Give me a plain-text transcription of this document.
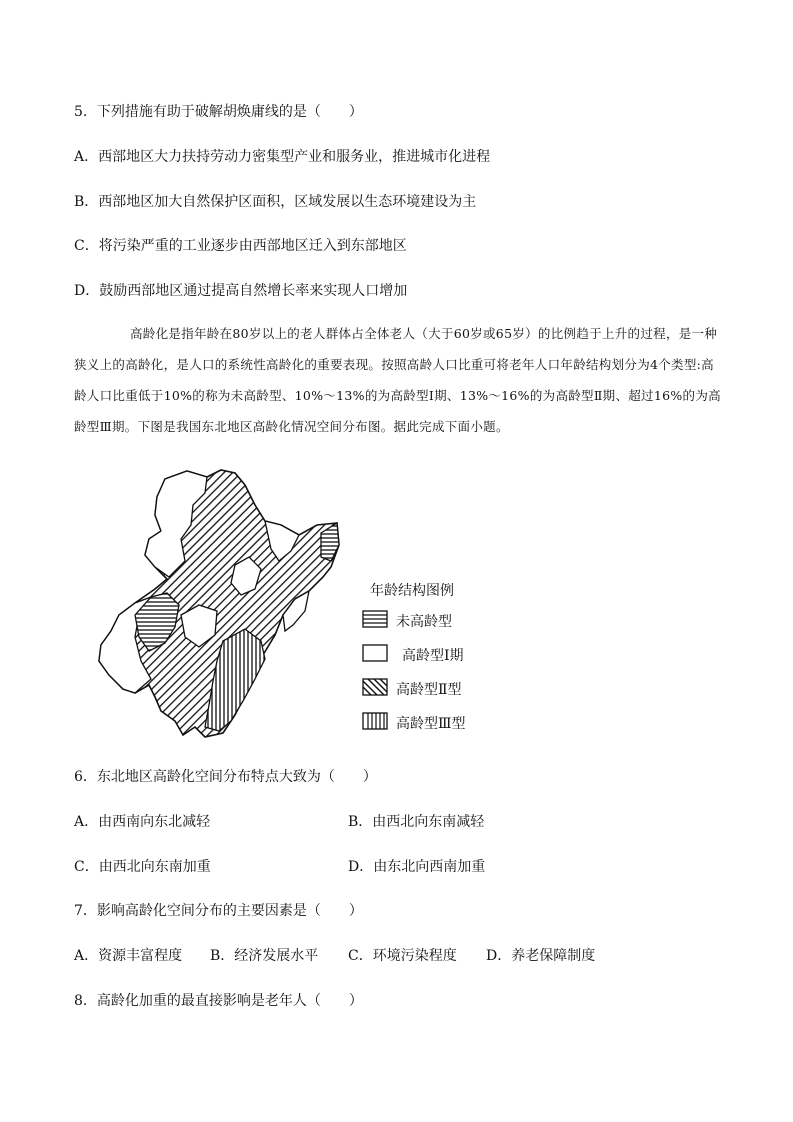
5．下列措施有助于破解胡焕庸线的是（　　）
A．西部地区大力扶持劳动力密集型产业和服务业，推进城市化进程
B．西部地区加大自然保护区面积，区域发展以生态环境建设为主
C．将污染严重的工业逐步由西部地区迁入到东部地区
D．鼓励西部地区通过提高自然增长率来实现人口增加

高龄化是指年龄在80岁以上的老人群体占全体老人（大于60岁或65岁）的比例趋于上升的过程，是一种狭义上的高龄化，是人口的系统性高龄化的重要表现。按照高龄人口比重可将老年人口年龄结构划分为4个类型:高龄人口比重低于10%的称为未高龄型、10%～13%的为高龄型Ⅰ期、13%～16%的为高龄型Ⅱ期、超过16%的为高龄型Ⅲ期。下图是我国东北地区高龄化情况空间分布图。据此完成下面小题。

年龄结构图例
未高龄型
高龄型Ⅰ期
高龄型Ⅱ型
高龄型Ⅲ型
6．东北地区高龄化空间分布特点大致为（　　）
A．由西南向东北减轻	B．由西北向东南减轻
C．由西北向东南加重	D．由东北向西南加重
7．影响高龄化空间分布的主要因素是（　　）
A．资源丰富程度 B．经济发展水平 C．环境污染程度 D．养老保障制度
8．高龄化加重的最直接影响是老年人（　　）
